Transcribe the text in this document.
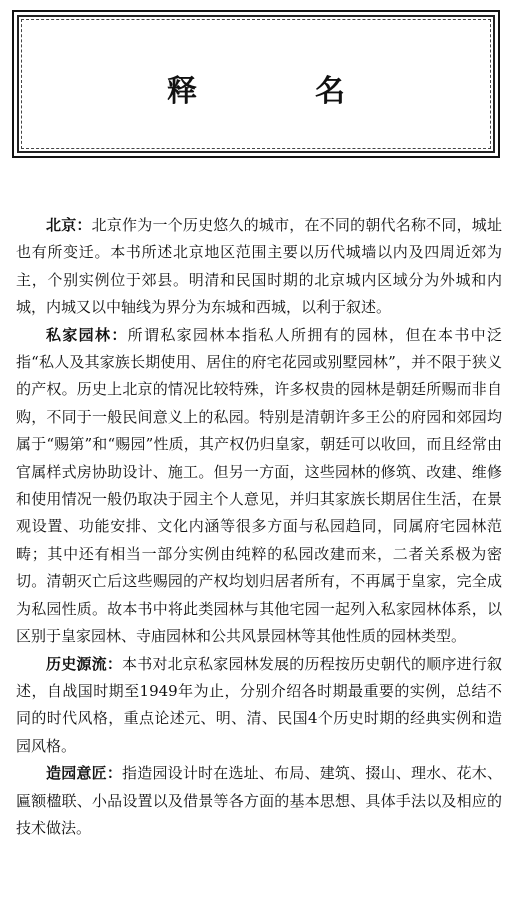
释　名

北京：北京作为一个历史悠久的城市，在不同的朝代名称不同，城址也有所变迁。本书所述北京地区范围主要以历代城墙以内及四周近郊为主，个别实例位于郊县。明清和民国时期的北京城内区域分为外城和内城，内城又以中轴线为界分为东城和西城，以利于叙述。

私家园林：所谓私家园林本指私人所拥有的园林，但在本书中泛指“私人及其家族长期使用、居住的府宅花园或别墅园林”，并不限于狭义的产权。历史上北京的情况比较特殊，许多权贵的园林是朝廷所赐而非自购，不同于一般民间意义上的私园。特别是清朝许多王公的府园和郊园均属于“赐第”和“赐园”性质，其产权仍归皇家，朝廷可以收回，而且经常由官属样式房协助设计、施工。但另一方面，这些园林的修筑、改建、维修和使用情况一般仍取决于园主个人意见，并归其家族长期居住生活，在景观设置、功能安排、文化内涵等很多方面与私园趋同，同属府宅园林范畴；其中还有相当一部分实例由纯粹的私园改建而来，二者关系极为密切。清朝灭亡后这些赐园的产权均划归居者所有，不再属于皇家，完全成为私园性质。故本书中将此类园林与其他宅园一起列入私家园林体系，以区别于皇家园林、寺庙园林和公共风景园林等其他性质的园林类型。

历史源流：本书对北京私家园林发展的历程按历史朝代的顺序进行叙述，自战国时期至1949年为止，分别介绍各时期最重要的实例，总结不同的时代风格，重点论述元、明、清、民国4个历史时期的经典实例和造园风格。

造园意匠：指造园设计时在选址、布局、建筑、掇山、理水、花木、匾额楹联、小品设置以及借景等各方面的基本思想、具体手法以及相应的技术做法。
